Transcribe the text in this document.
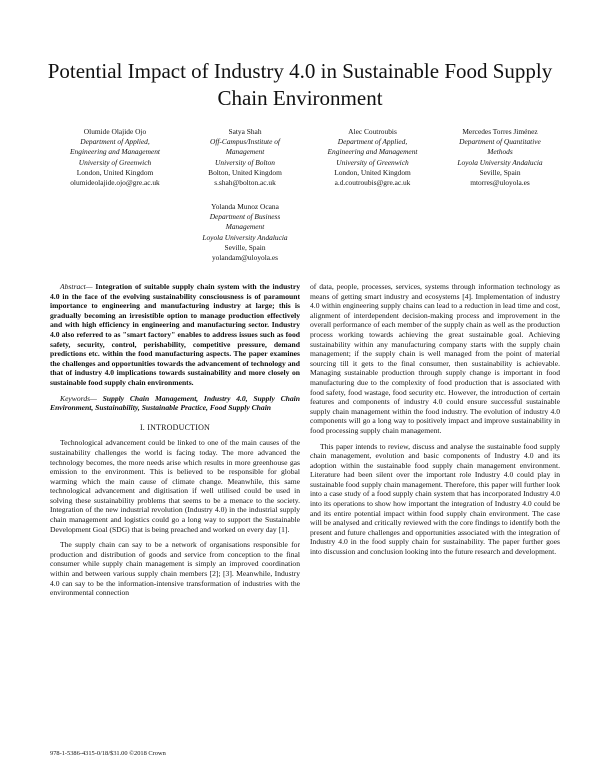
Potential Impact of Industry 4.0 in Sustainable Food Supply Chain Environment
Olumide Olajide Ojo
Department of Applied,
Engineering and Management
University of Greenwich
London, United Kingdom
olumideolajide.ojo@gre.ac.uk
Satya Shah
Off-Campus/Institute of
Management
University of Bolton
Bolton, United Kingdom
s.shah@bolton.ac.uk
Alec Coutroubis
Department of Applied,
Engineering and Management
University of Greenwich
London, United Kingdom
a.d.coutroubis@gre.ac.uk
Mercedes Torres Jiménez
Department of Quantitative
Methods
Loyola University Andalucia
Seville, Spain
mtorres@uloyola.es
Yolanda Munoz Ocana
Department of Business
Management
Loyola University Andalucia
Seville, Spain
yolandam@uloyola.es

Abstract— Integration of suitable supply chain system with the industry 4.0 in the face of the evolving sustainability consciousness is of paramount importance to engineering and manufacturing industry at large; this is gradually becoming an irresistible option to manage production effectively and with high efficiency in engineering and manufacturing sector. Industry 4.0 also referred to as "smart factory" enables to address issues such as food safety, security, control, perishability, competitive pressure, demand predictions etc. within the food manufacturing aspects. The paper examines the challenges and opportunities towards the advancement of technology and that of industry 4.0 implications towards sustainability and more closely on sustainable food supply chain environments.

Keywords— Supply Chain Management, Industry 4.0, Supply Chain Environment, Sustainability, Sustainable Practice, Food Supply Chain

I. INTRODUCTION

Technological advancement could be linked to one of the main causes of the sustainability challenges the world is facing today. The more advanced the technology becomes, the more needs arise which results in more greenhouse gas emission to the environment. This is believed to be responsible for global warming which the main cause of climate change. Meanwhile, this same technological advancement and digitisation if well utilised could be used in solving these sustainability problems that seems to be a menace to the society. Integration of the new industrial revolution (Industry 4.0) in the industrial supply chain management and logistics could go a long way to support the Sustainable Development Goal (SDG) that is being preached and worked on every day [1].

The supply chain can say to be a network of organisations responsible for production and distribution of goods and service from conception to the final consumer while supply chain management is simply an improved coordination within and between various supply chain members [2]; [3]. Meanwhile, Industry 4.0 can say to be the information-intensive transformation of industries with the environmental connection

of data, people, processes, services, systems through information technology as means of getting smart industry and ecosystems [4]. Implementation of industry 4.0 within engineering supply chains can lead to a reduction in lead time and cost, alignment of interdependent decision-making process and improvement in the overall performance of each member of the supply chain as well as the production process working towards achieving the great sustainable goal. Achieving sustainability within any manufacturing company starts with the supply chain management; if the supply chain is well managed from the point of material sourcing till it gets to the final consumer, then sustainability is achievable. Managing sustainable production through supply change is important in food manufacturing due to the complexity of food production that is associated with food safety, food wastage, food security etc. However, the introduction of certain features and components of industry 4.0 could ensure successful sustainable supply chain management within the food industry. The evolution of industry 4.0 components will go a long way to positively impact and improve sustainability in food processing supply chain management.

This paper intends to review, discuss and analyse the sustainable food supply chain management, evolution and basic components of Industry 4.0 and its adoption within the sustainable food supply chain management environment. Literature had been silent over the important role Industry 4.0 could play in sustainable food supply chain management. Therefore, this paper will further look into a case study of a food supply chain system that has incorporated Industry 4.0 into its operations to show how important the integration of Industry 4.0 could be and its entire potential impact within food supply chain environment. The case will be analysed and critically reviewed with the core findings to identify both the present and future challenges and opportunities associated with the integration of Industry 4.0 in the food supply chain for sustainability. The paper further goes into discussion and conclusion looking into the future research and development.

978-1-5386-4315-0/18/$31.00 ©2018 Crown
